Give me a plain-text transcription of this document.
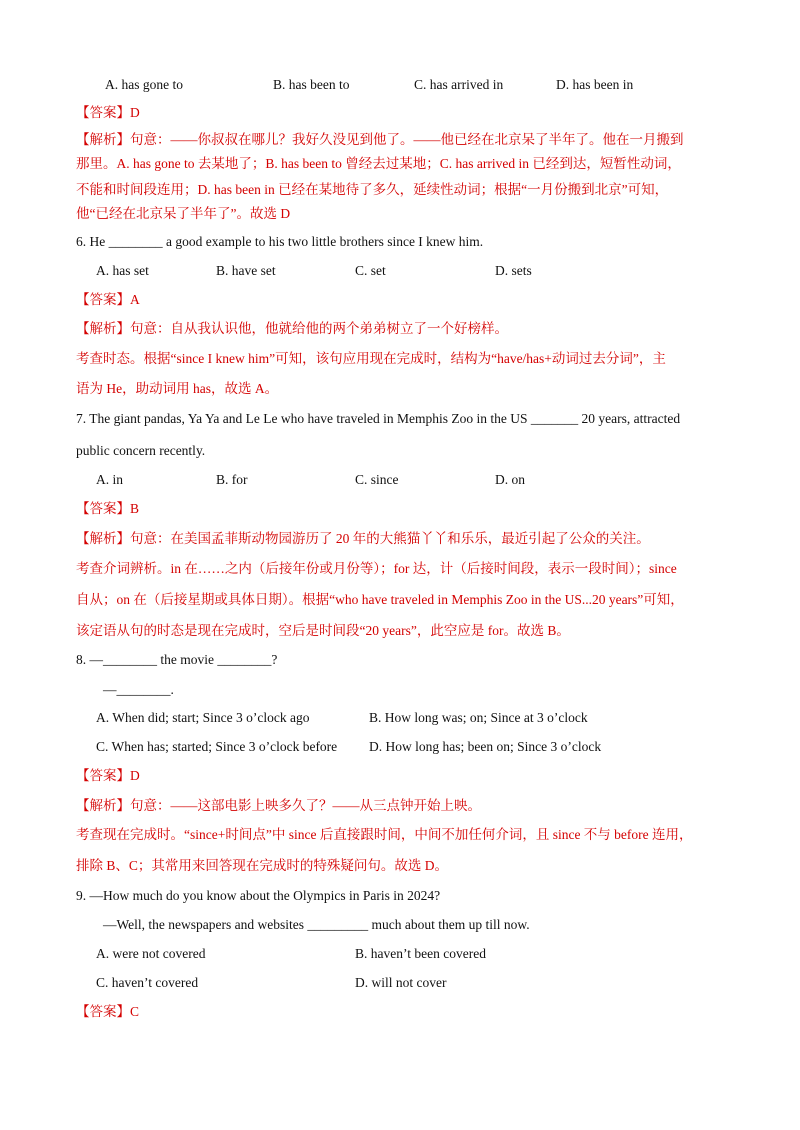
A. has gone to	B. has been to	C. has arrived in	D. has been in
【答案】D
【解析】句意：——你叔叔在哪儿？我好久没见到他了。——他已经在北京呆了半年了。他在一月搬到
那里。A. has gone to 去某地了；B. has been to 曾经去过某地；C. has arrived in 已经到达，短暂性动词，
不能和时间段连用；D. has been in 已经在某地待了多久，延续性动词；根据“一月份搬到北京”可知，
他“已经在北京呆了半年了”。故选 D
6. He ________ a good example to his two little brothers since I knew him.
A. has set	B. have set	C. set	D. sets
【答案】A
【解析】句意：自从我认识他，他就给他的两个弟弟树立了一个好榜样。
考查时态。根据“since I knew him”可知，该句应用现在完成时，结构为“have/has+动词过去分词”，主
语为 He，助动词用 has，故选 A。
7. The giant pandas, Ya Ya and Le Le who have traveled in Memphis Zoo in the US _______ 20 years, attracted
public concern recently.
A. in	B. for	C. since	D. on
【答案】B
【解析】句意：在美国孟菲斯动物园游历了 20 年的大熊猫丫丫和乐乐，最近引起了公众的关注。
考查介词辨析。in 在……之内（后接年份或月份等）；for 达，计（后接时间段，表示一段时间）；since
自从；on 在（后接星期或具体日期）。根据“who have traveled in Memphis Zoo in the US...20 years”可知，
该定语从句的时态是现在完成时，空后是时间段“20 years”，此空应是 for。故选 B。
8. —________ the movie ________?
—________.
A. When did; start; Since 3 o’clock ago	B. How long was; on; Since at 3 o’clock
C. When has; started; Since 3 o’clock before D. How long has; been on; Since 3 o’clock
【答案】D
【解析】句意：——这部电影上映多久了？——从三点钟开始上映。
考查现在完成时。“since+时间点”中 since 后直接跟时间，中间不加任何介词，且 since 不与 before 连用，
排除 B、C；其常用来回答现在完成时的特殊疑问句。故选 D。
9. —How much do you know about the Olympics in Paris in 2024?
—Well, the newspapers and websites _________ much about them up till now.
A. were not covered	B. haven’t been covered
C. haven’t covered	D. will not cover
【答案】C
